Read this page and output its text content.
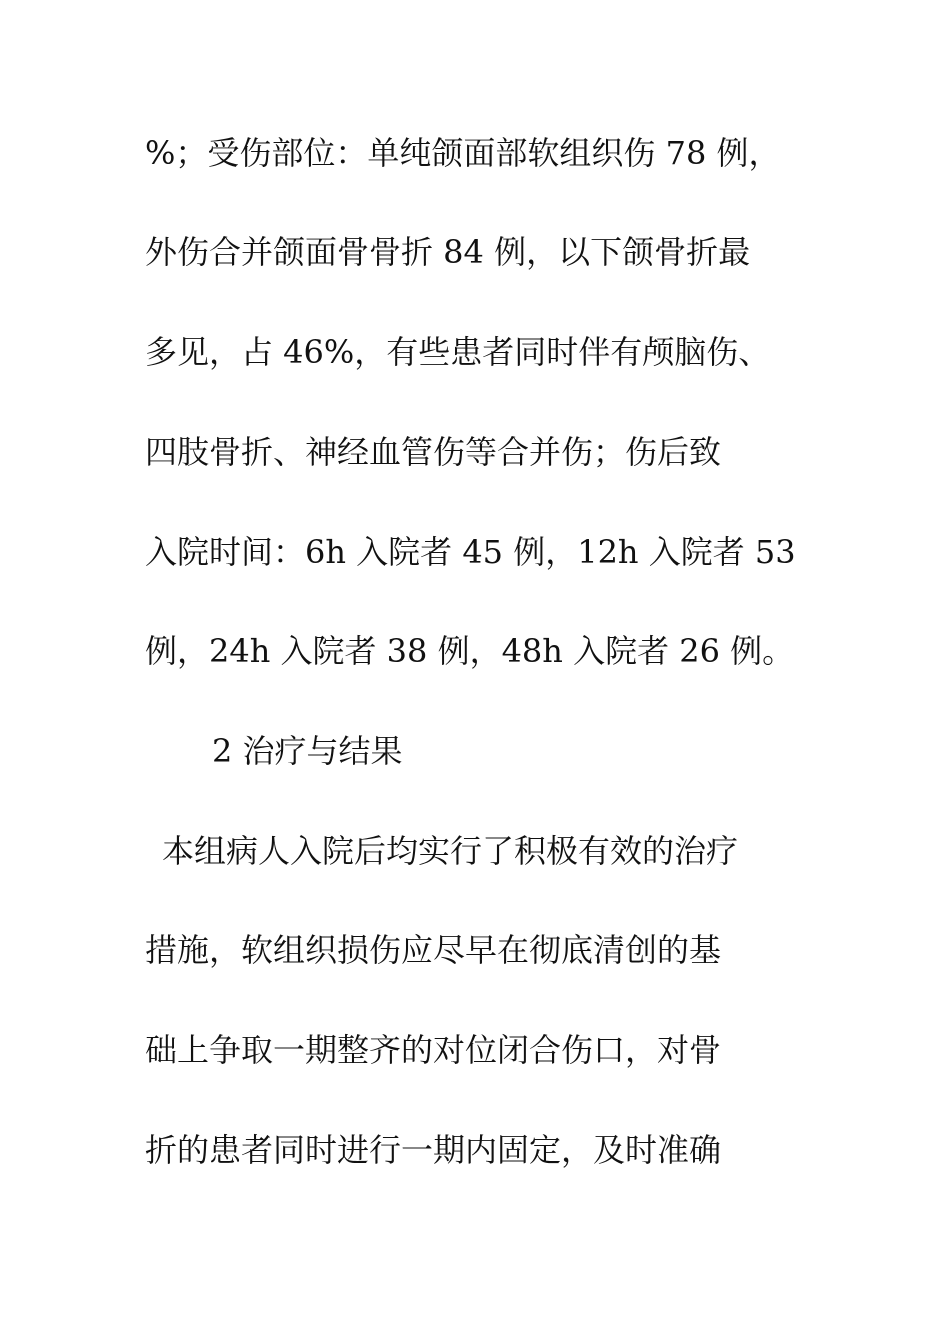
%；受伤部位：单纯颌面部软组织伤 78 例，
外伤合并颌面骨骨折 84 例，以下颌骨折最
多见，占 46%，有些患者同时伴有颅脑伤、
四肢骨折、神经血管伤等合并伤；伤后致
入院时间：6h 入院者 45 例，12h 入院者 53
例，24h 入院者 38 例，48h 入院者 26 例。
2 治疗与结果
本组病人入院后均实行了积极有效的治疗
措施，软组织损伤应尽早在彻底清创的基
础上争取一期整齐的对位闭合伤口，对骨
折的患者同时进行一期内固定，及时准确
